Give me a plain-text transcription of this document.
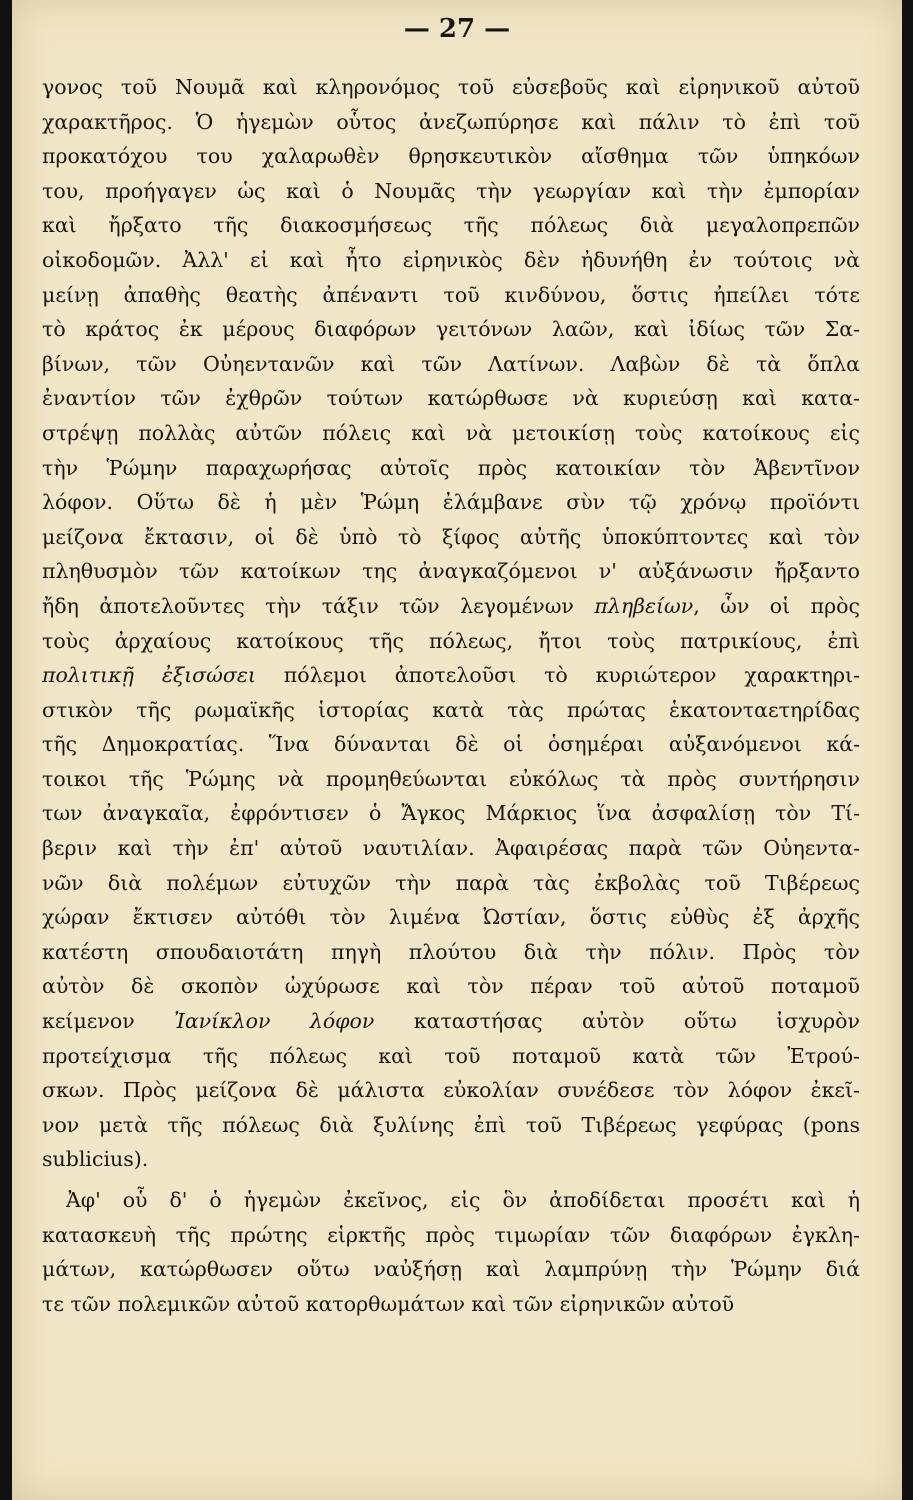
— 27 —
γονος τοῦ Νουμᾶ καὶ κληρονόμος τοῦ εὐσεβοῦς καὶ εἰρηνικοῦ αὐτοῦ
χαρακτῆρος. Ὁ ἡγεμὼν οὗτος ἀνεζωπύρησε καὶ πάλιν τὸ ἐπὶ τοῦ
προκατόχου του χαλαρωθὲν θρησκευτικὸν αἴσθημα τῶν ὑπηκόων
του, προήγαγεν ὡς καὶ ὁ Νουμᾶς τὴν γεωργίαν καὶ τὴν ἐμπορίαν
καὶ ἤρξατο τῆς διακοσμήσεως τῆς πόλεως διὰ μεγαλοπρεπῶν
οἰκοδομῶν. Ἀλλ' εἰ καὶ ἦτο εἰρηνικὸς δὲν ἠδυνήθη ἐν τούτοις νὰ
μείνῃ ἀπαθὴς θεατὴς ἀπέναντι τοῦ κινδύνου, ὅστις ἠπείλει τότε
τὸ κράτος ἐκ μέρους διαφόρων γειτόνων λαῶν, καὶ ἰδίως τῶν Σα-
βίνων, τῶν Οὐηεντανῶν καὶ τῶν Λατίνων. Λαβὼν δὲ τὰ ὅπλα
ἐναντίον τῶν ἐχθρῶν τούτων κατώρθωσε νὰ κυριεύσῃ καὶ κατα-
στρέψῃ πολλὰς αὐτῶν πόλεις καὶ νὰ μετοικίσῃ τοὺς κατοίκους εἰς
τὴν Ῥώμην παραχωρήσας αὐτοῖς πρὸς κατοικίαν τὸν Ἀβεντῖνον
λόφον. Οὕτω δὲ ἡ μὲν Ῥώμη ἐλάμβανε σὺν τῷ χρόνῳ προϊόντι
μείζονα ἔκτασιν, οἱ δὲ ὑπὸ τὸ ξίφος αὐτῆς ὑποκύπτοντες καὶ τὸν
πληθυσμὸν τῶν κατοίκων της ἀναγκαζόμενοι ν' αὐξάνωσιν ἤρξαντο
ἤδη ἀποτελοῦντες τὴν τάξιν τῶν λεγομένων πληβείων, ὧν οἱ πρὸς
τοὺς ἀρχαίους κατοίκους τῆς πόλεως, ἤτοι τοὺς πατρικίους, ἐπὶ
πολιτικῇ ἐξισώσει πόλεμοι ἀποτελοῦσι τὸ κυριώτερον χαρακτηρι-
στικὸν τῆς ρωμαϊκῆς ἱστορίας κατὰ τὰς πρώτας ἑκατονταετηρίδας
τῆς Δημοκρατίας. Ἵνα δύνανται δὲ οἱ ὁσημέραι αὐξανόμενοι κά-
τοικοι τῆς Ῥώμης νὰ προμηθεύωνται εὐκόλως τὰ πρὸς συντήρησιν
των ἀναγκαῖα, ἐφρόντισεν ὁ Ἄγκος Μάρκιος ἵνα ἀσφαλίσῃ τὸν Τί-
βεριν καὶ τὴν ἐπ' αὐτοῦ ναυτιλίαν. Ἀφαιρέσας παρὰ τῶν Οὐηεντα-
νῶν διὰ πολέμων εὐτυχῶν τὴν παρὰ τὰς ἐκβολὰς τοῦ Τιβέρεως
χώραν ἔκτισεν αὐτόθι τὸν λιμένα Ὠστίαν, ὅστις εὐθὺς ἐξ ἀρχῆς
κατέστη σπουδαιοτάτη πηγὴ πλούτου διὰ τὴν πόλιν. Πρὸς τὸν
αὐτὸν δὲ σκοπὸν ὠχύρωσε καὶ τὸν πέραν τοῦ αὐτοῦ ποταμοῦ
κείμενον Ἰανίκλον λόφον καταστήσας αὐτὸν οὕτω ἰσχυρὸν
προτείχισμα τῆς πόλεως καὶ τοῦ ποταμοῦ κατὰ τῶν Ἐτρού-
σκων. Πρὸς μείζονα δὲ μάλιστα εὐκολίαν συνέδεσε τὸν λόφον ἐκεῖ-
νον μετὰ τῆς πόλεως διὰ ξυλίνης ἐπὶ τοῦ Τιβέρεως γεφύρας (pons
sublicius).
Ἀφ' οὗ δ' ὁ ἡγεμὼν ἐκεῖνος, εἰς ὃν ἀποδίδεται προσέτι καὶ ἡ
κατασκευὴ τῆς πρώτης εἱρκτῆς πρὸς τιμωρίαν τῶν διαφόρων ἐγκλη-
μάτων, κατώρθωσεν οὕτω ναὐξήσῃ καὶ λαμπρύνῃ τὴν Ῥώμην διά
τε τῶν πολεμικῶν αὐτοῦ κατορθωμάτων καὶ τῶν εἰρηνικῶν αὐτοῦ
